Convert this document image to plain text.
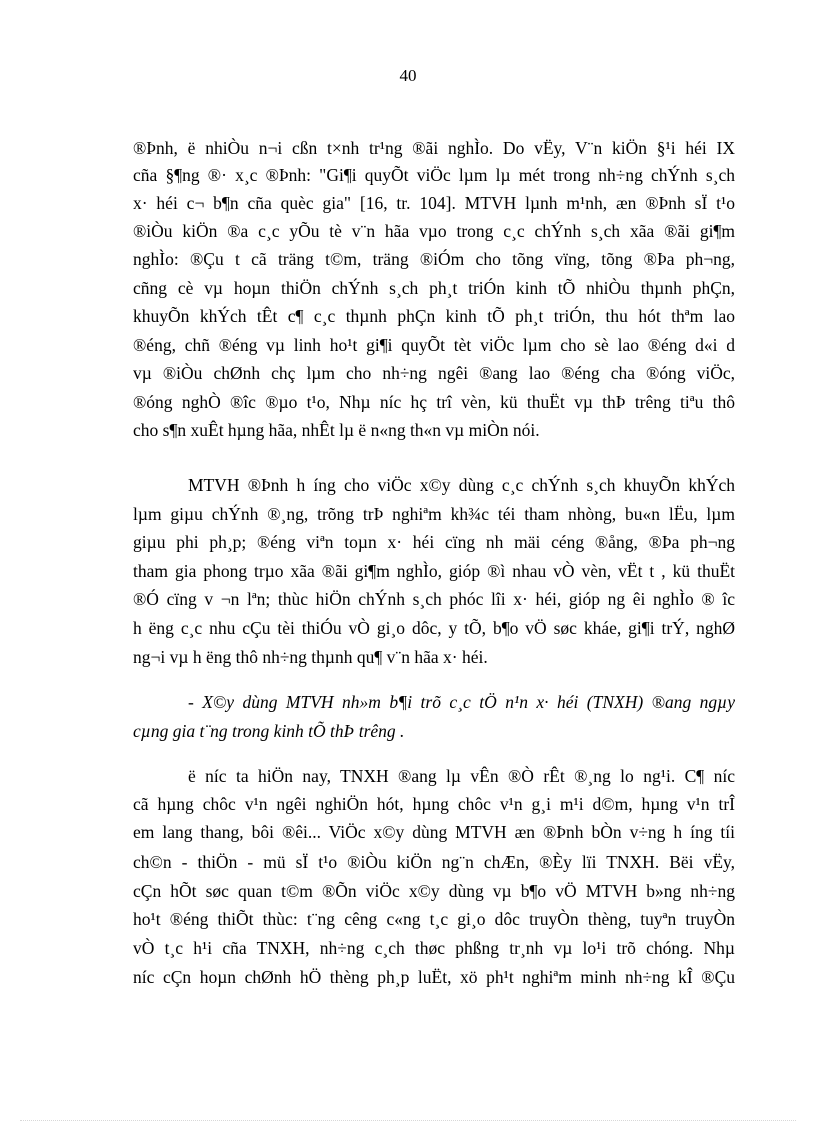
40
®Þnh, ë nhiÒu n¬i cßn t×nh tr¹ng ®ãi nghÌo. Do vËy, V¨n kiÖn §¹i héi IX
cña §¶ng ®· x¸c ®Þnh: "Gi¶i quyÕt viÖc lµm lµ mét trong nh÷ng chÝnh s¸ch
x· héi c¬ b¶n cña quèc gia" [16, tr. 104]. MTVH lµnh m¹nh, æn ®Þnh sÏ t¹o
®iÒu kiÖn ®a c¸c yÕu tè v¨n hãa vµo trong c¸c chÝnh s¸ch xãa ®ãi gi¶m
nghÌo: ®Çu t cã träng t©m, träng ®iÓm cho tõng vïng, tõng ®Þa ph¬ng,
cñng cè vµ hoµn thiÖn chÝnh s¸ch ph¸t triÓn kinh tÕ nhiÒu thµnh phÇn,
khuyÕn khÝch tÊt c¶ c¸c thµnh phÇn kinh tÕ ph¸t triÓn, thu hót thªm lao
®éng, chñ ®éng vµ linh ho¹t gi¶i quyÕt tèt viÖc lµm cho sè lao ®éng d«i d
vµ ®iÒu chØnh chç lµm cho nh÷ng ngêi ®ang lao ®éng cha ®óng viÖc,
®óng nghÒ ®îc ®µo t¹o, Nhµ níc hç trî vèn, kü thuËt vµ thÞ trêng tiªu thô
cho s¶n xuÊt hµng hãa, nhÊt lµ ë n«ng th«n vµ miÒn nói.
MTVH ®Þnh h íng cho viÖc x©y dùng c¸c chÝnh s¸ch khuyÕn khÝch
lµm giµu chÝnh ®¸ng, trõng trÞ nghiªm kh¾c téi tham nhòng, bu«n lËu, lµm
giµu phi ph¸p; ®éng viªn toµn x· héi cïng nh mäi céng ®ång, ®Þa ph¬ng
tham gia phong trµo xãa ®ãi gi¶m nghÌo, gióp ®ì nhau vÒ vèn, vËt t , kü thuËt
®Ó cïng v ¬n lªn; thùc hiÖn chÝnh s¸ch phóc lîi x· héi, gióp ng êi nghÌo ® îc
h ëng c¸c nhu cÇu tèi thiÓu vÒ gi¸o dôc, y tÕ, b¶o vÖ søc kháe, gi¶i trÝ, nghØ
ng¬i vµ h ëng thô nh÷ng thµnh qu¶ v¨n hãa x· héi.
- X©y dùng MTVH nh»m b¶i trõ c¸c tÖ n¹n x· héi (TNXH) ®ang ngµy
cµng gia t¨ng trong kinh tÕ thÞ trêng .
ë níc ta hiÖn nay, TNXH ®ang lµ vÊn ®Ò rÊt ®¸ng lo ng¹i. C¶ níc
cã hµng chôc v¹n ngêi nghiÖn hót, hµng chôc v¹n g¸i m¹i d©m, hµng v¹n trÎ
em lang thang, bôi ®êi... ViÖc x©y dùng MTVH æn ®Þnh bÒn v÷ng h íng tíi
ch©n - thiÖn - mü sÏ t¹o ®iÒu kiÖn ng¨n chÆn, ®Èy lïi TNXH. Bëi vËy,
cÇn hÕt søc quan t©m ®Õn viÖc x©y dùng vµ b¶o vÖ MTVH b»ng nh÷ng
ho¹t ®éng thiÕt thùc: t¨ng cêng c«ng t¸c gi¸o dôc truyÒn thèng, tuyªn truyÒn
vÒ t¸c h¹i cña TNXH, nh÷ng c¸ch thøc phßng tr¸nh vµ lo¹i trõ chóng. Nhµ
níc cÇn hoµn chØnh hÖ thèng ph¸p luËt, xö ph¹t nghiªm minh nh÷ng kÎ ®Çu
